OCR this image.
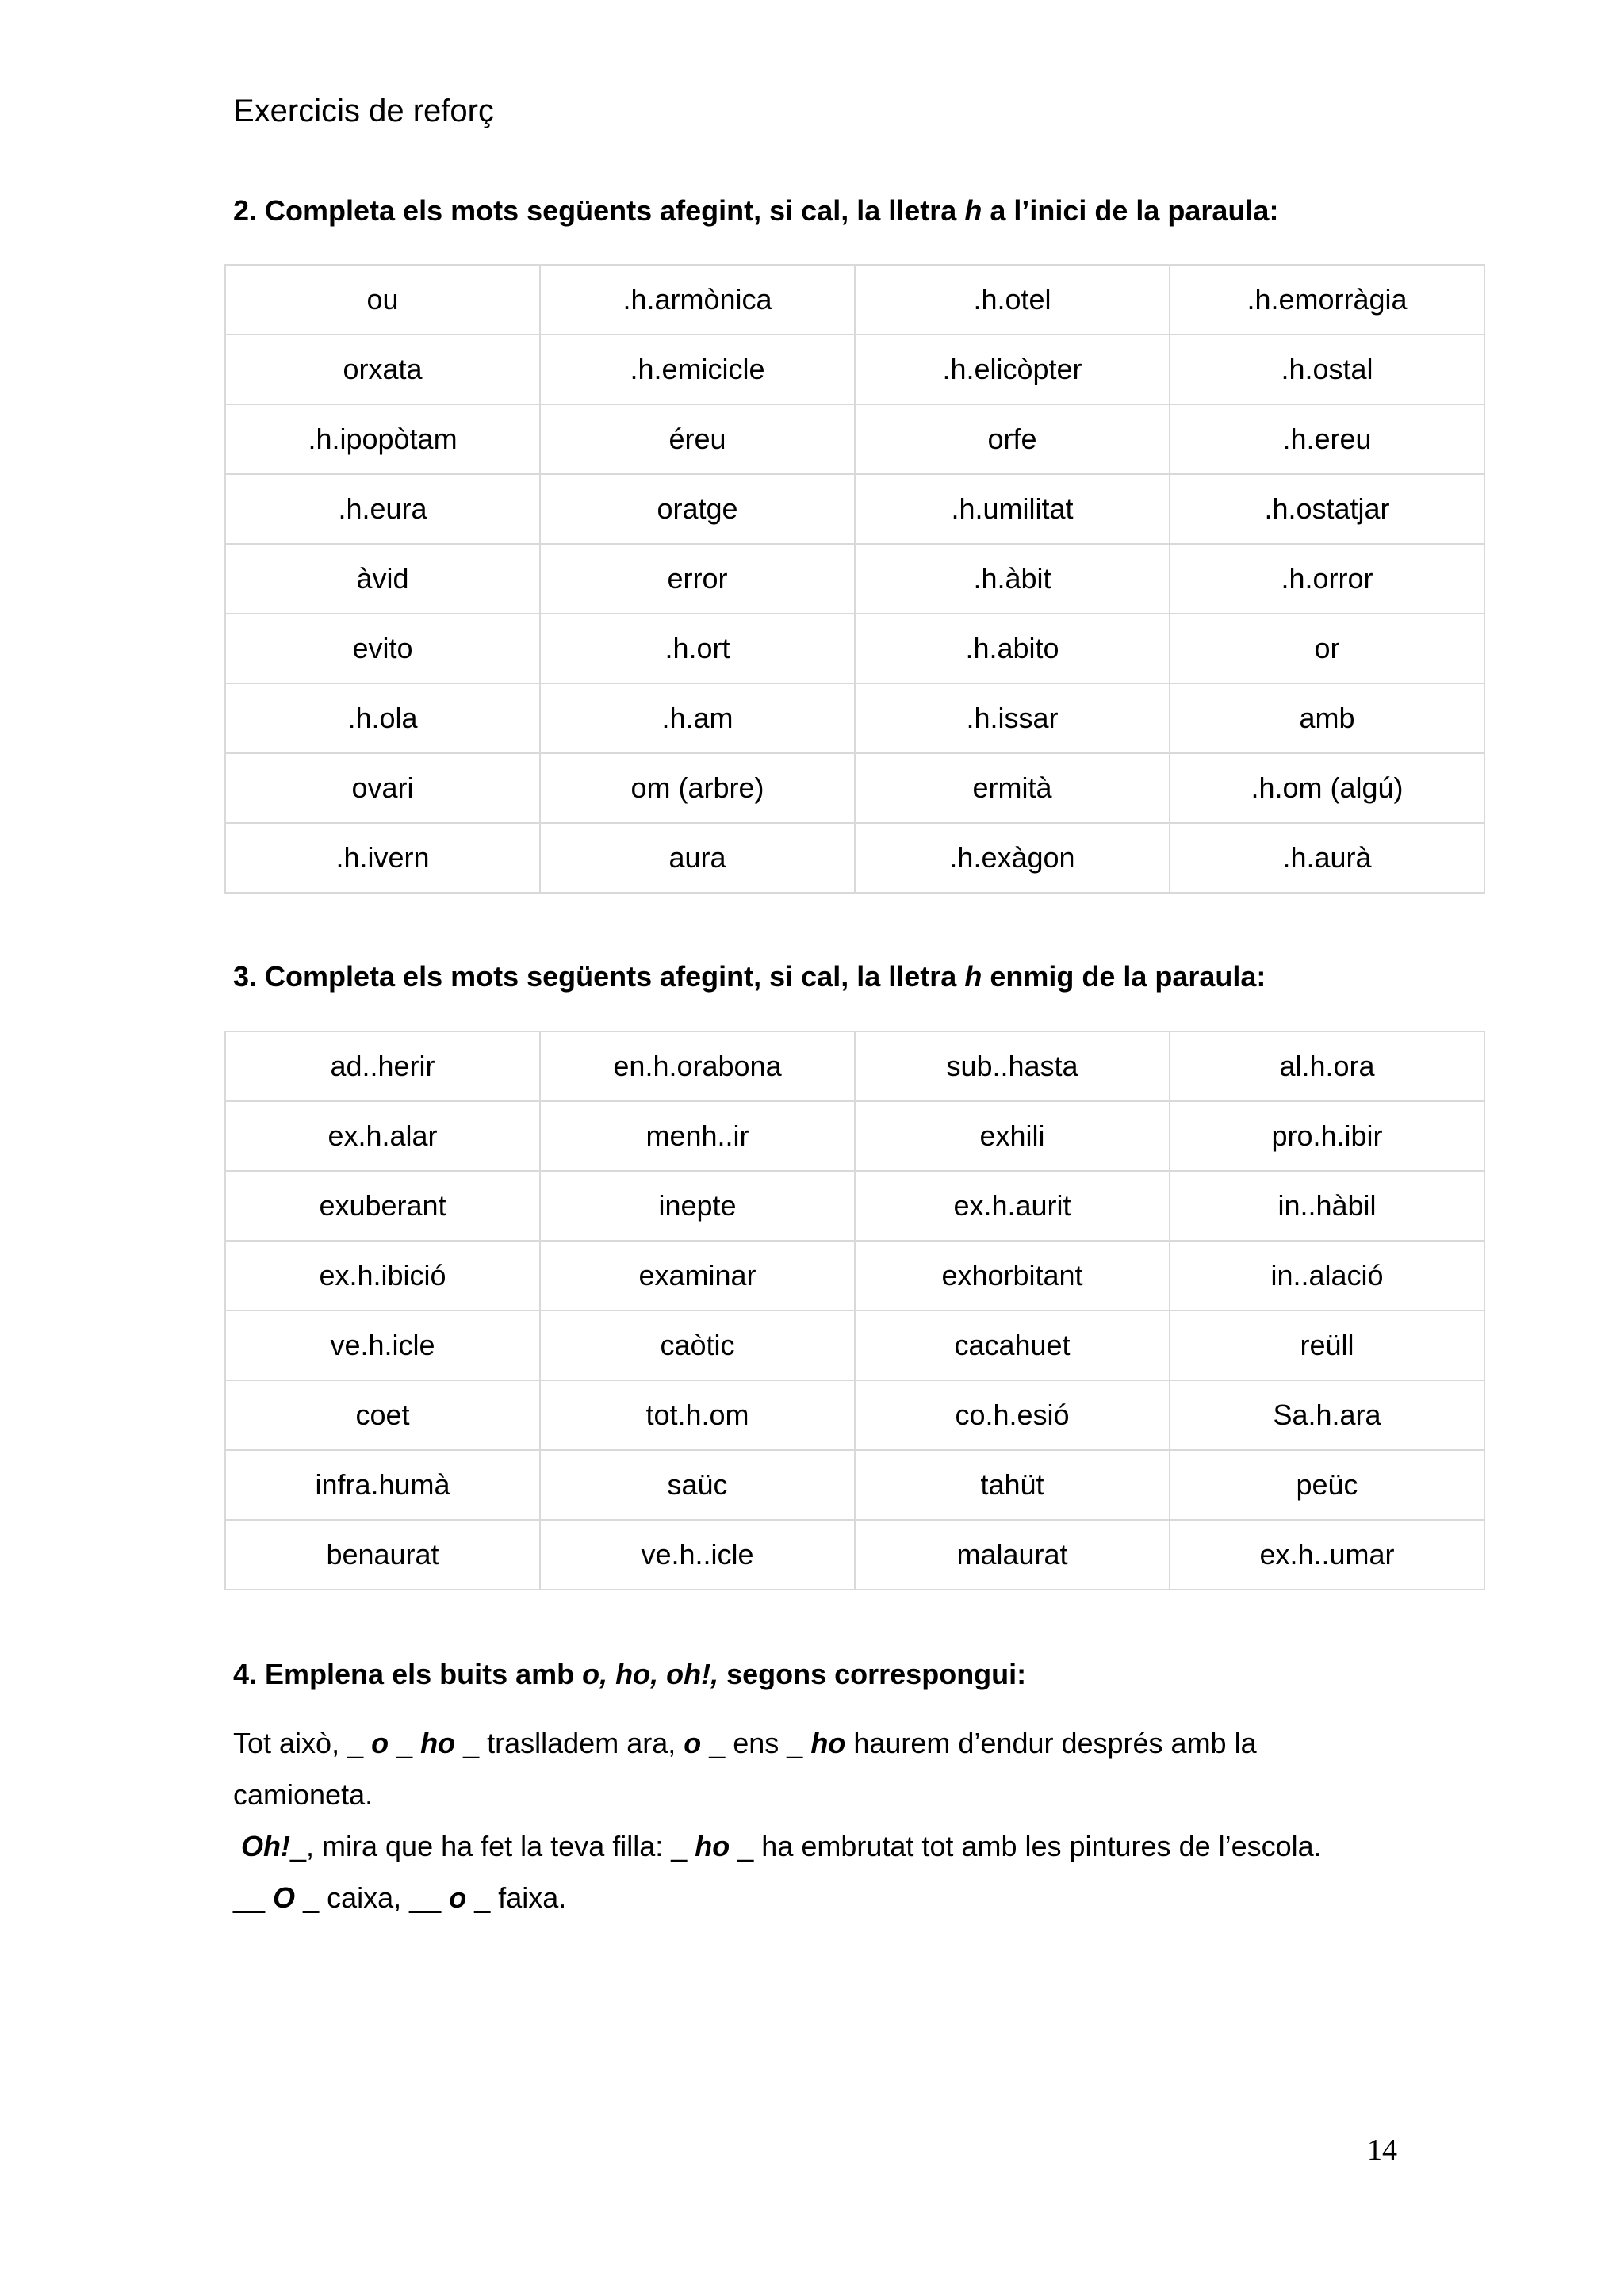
Exercicis de reforç
2. Completa els mots següents afegint, si cal, la lletra h a l’inici de la paraula:
ou	.h.armònica	.h.otel	.h.emorràgia
orxata	.h.emicicle	.h.elicòpter	.h.ostal
.h.ipopòtam	éreu	orfe	.h.ereu
.h.eura	oratge	.h.umilitat	.h.ostatjar
àvid	error	.h.àbit	.h.orror
evito	.h.ort	.h.abito	or
.h.ola	.h.am	.h.issar	amb
ovari	om (arbre)	ermità	.h.om (algú)
.h.ivern	aura	.h.exàgon	.h.aurà
3. Completa els mots següents afegint, si cal, la lletra h enmig de la paraula:
ad..herir	en.h.orabona	sub..hasta	al.h.ora
ex.h.alar	menh..ir	exhili	pro.h.ibir
exuberant	inepte	ex.h.aurit	in..hàbil
ex.h.ibició	examinar	exhorbitant	in..alació
ve.h.icle	caòtic	cacahuet	reüll
coet	tot.h.om	co.h.esió	Sa.h.ara
infra.humà	saüc	tahüt	peüc
benaurat	ve.h..icle	malaurat	ex.h..umar
4. Emplena els buits amb o, ho, oh!, segons correspongui:
Tot això, _ o _ ho _ traslladem ara, o _ ens _ ho haurem d’endur després amb la
camioneta.
Oh!_, mira que ha fet la teva filla: _ ho _ ha embrutat tot amb les pintures de l’escola.
__ O _ caixa, __ o _ faixa.
14
